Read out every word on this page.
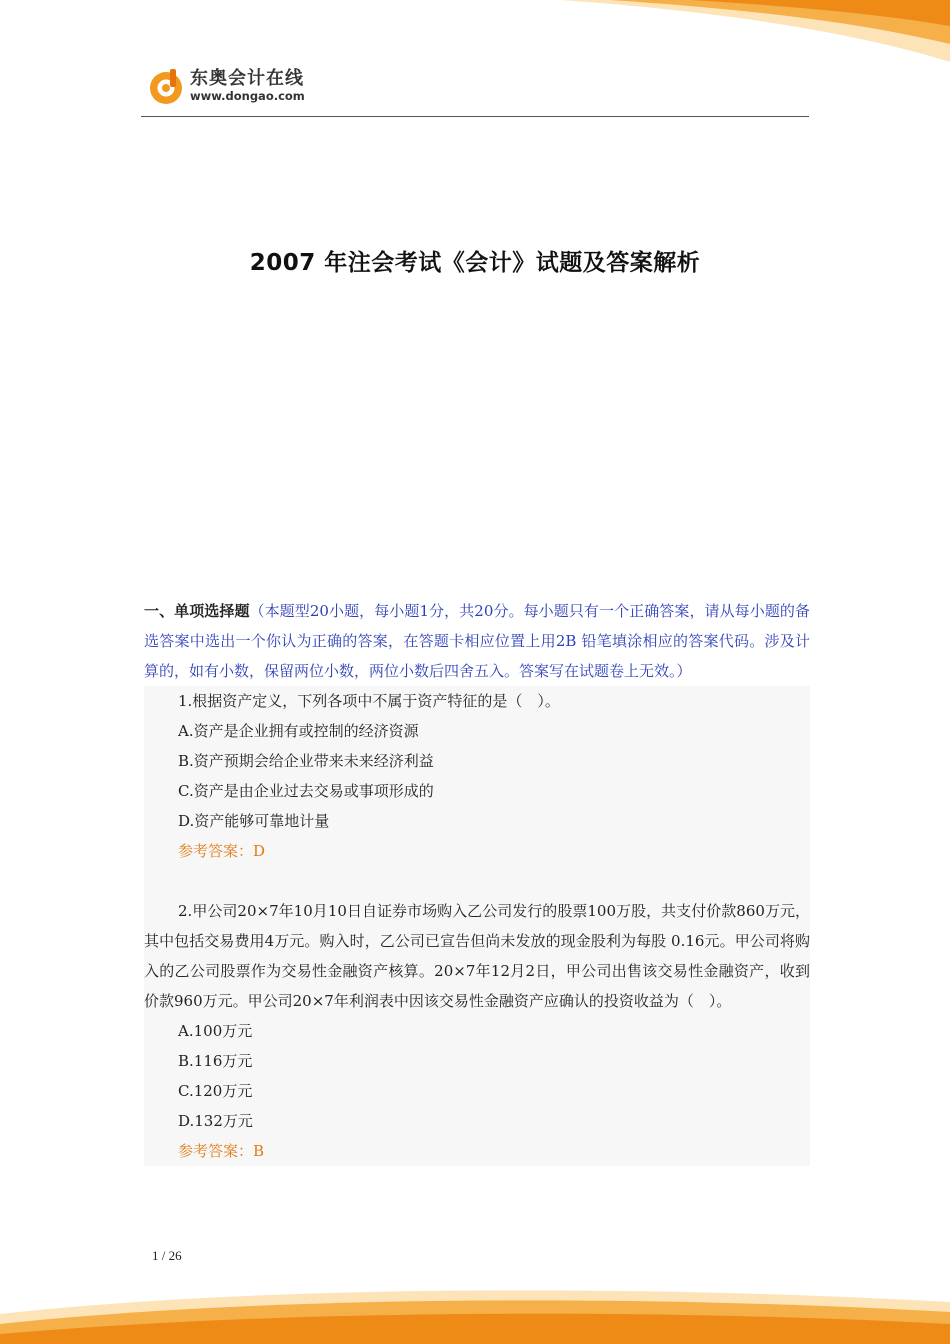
东奥会计在线
www.dongao.com
2007 年注会考试《会计》试题及答案解析

一、单项选择题（本题型20小题，每小题1分，共20分。每小题只有一个正确答案，请从每小题的备选答案中选出一个你认为正确的答案，在答题卡相应位置上用2B 铅笔填涂相应的答案代码。涉及计算的，如有小数，保留两位小数，两位小数后四舍五入。答案写在试题卷上无效。）

1.根据资产定义，下列各项中不属于资产特征的是（　）。

A.资产是企业拥有或控制的经济资源

B.资产预期会给企业带来未来经济利益

C.资产是由企业过去交易或事项形成的

D.资产能够可靠地计量

参考答案：D

2.甲公司20×7年10月10日自证券市场购入乙公司发行的股票100万股，共支付价款860万元，其中包括交易费用4万元。购入时，乙公司已宣告但尚未发放的现金股利为每股 0.16元。甲公司将购入的乙公司股票作为交易性金融资产核算。20×7年12月2日，甲公司出售该交易性金融资产，收到价款960万元。甲公司20×7年利润表中因该交易性金融资产应确认的投资收益为（　）。

A.100万元

B.116万元

C.120万元

D.132万元

参考答案：B

1 / 26
